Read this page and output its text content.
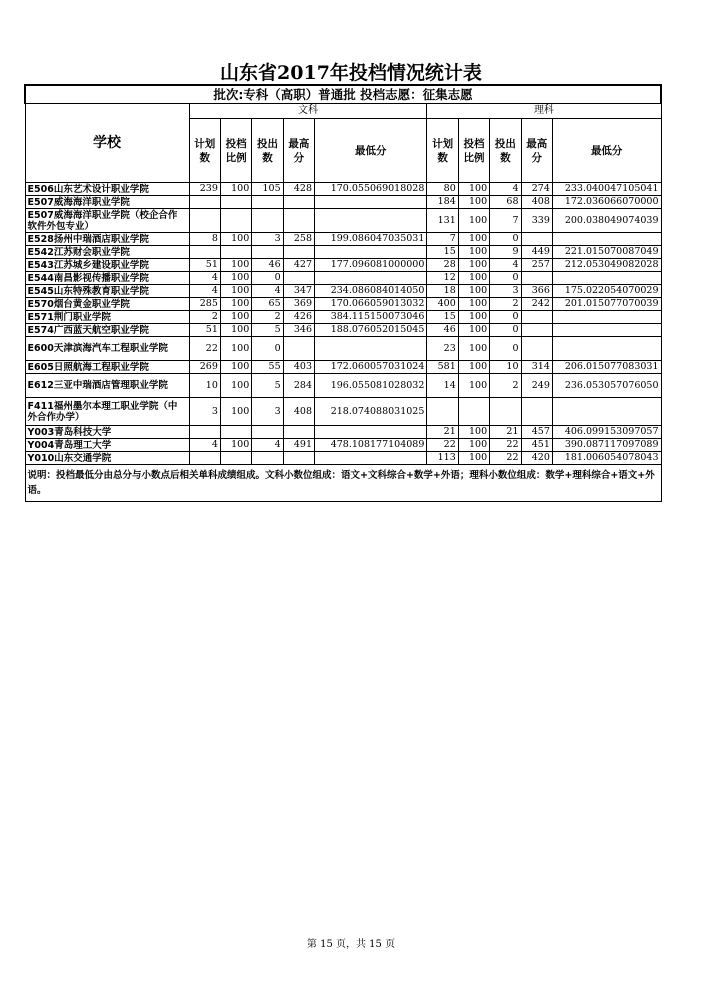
山东省2017年投档情况统计表
批次:专科（高职）普通批 投档志愿：征集志愿										
学校	文科					理科				
	计划数	投档比例	投出数	最高分	最低分	计划数	投档比例	投出数	最高分	最低分
E506山东艺术设计职业学院	239	100	105	428	170.055069018028	80	100	4	274	233.040047105041
E507威海海洋职业学院						184	100	68	408	172.036066070000
E507威海海洋职业学院（校企合作软件外包专业）						131	100	7	339	200.038049074039
E528扬州中瑞酒店职业学院	8	100	3	258	199.086047035031	7	100	0		
E542江苏财会职业学院						15	100	9	449	221.015070087049
E543江苏城乡建设职业学院	51	100	46	427	177.096081000000	28	100	4	257	212.053049082028
E544南昌影视传播职业学院	4	100	0			12	100	0		
E545山东特殊教育职业学院	4	100	4	347	234.086084014050	18	100	3	366	175.022054070029
E570烟台黄金职业学院	285	100	65	369	170.066059013032	400	100	2	242	201.015077070039
E571荆门职业学院	2	100	2	426	384.115150073046	15	100	0		
E574广西蓝天航空职业学院	51	100	5	346	188.076052015045	46	100	0		
E600天津滨海汽车工程职业学院	22	100	0			23	100	0		
E605日照航海工程职业学院	269	100	55	403	172.060057031024	581	100	10	314	206.015077083031
E612三亚中瑞酒店管理职业学院	10	100	5	284	196.055081028032	14	100	2	249	236.053057076050
F411福州墨尔本理工职业学院（中外合作办学）	3	100	3	408	218.074088031025					
Y003青岛科技大学						21	100	21	457	406.099153097057
Y004青岛理工大学	4	100	4	491	478.108177104089	22	100	22	451	390.087117097089
Y010山东交通学院						113	100	22	420	181.006054078043
说明：投档最低分由总分与小数点后相关单科成绩组成。文科小数位组成：语文+文科综合+数学+外语；理科小数位组成：数学+理科综合+语文+外语。										
第 15 页，共 15 页
